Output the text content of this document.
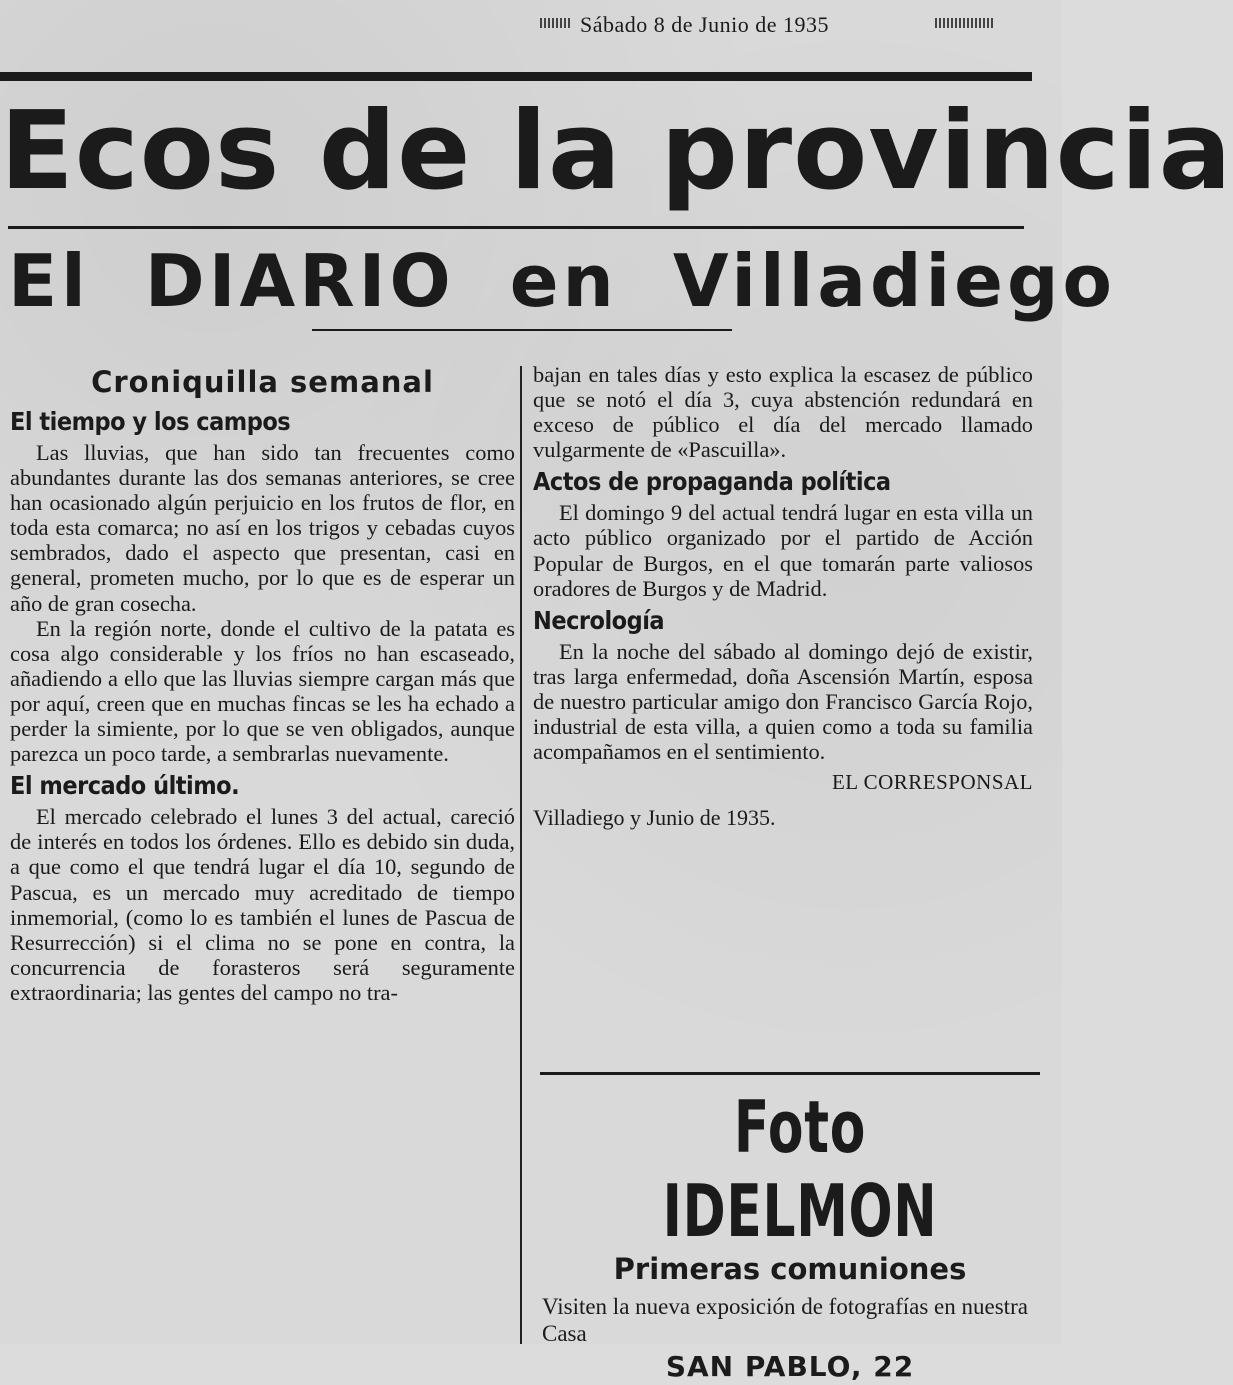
Sábado 8 de Junio de 1935
Ecos de la provincia
El DIARIO en Villadiego
Croniquilla semanal
El tiempo y los campos

Las lluvias, que han sido tan frecuentes como abundantes durante las dos semanas anteriores, se cree han ocasionado algún perjuicio en los frutos de flor, en toda esta comarca; no así en los trigos y cebadas cuyos sembrados, dado el aspecto que presentan, casi en general, prometen mucho, por lo que es de esperar un año de gran cosecha.

En la región norte, donde el cultivo de la patata es cosa algo considerable y los fríos no han escaseado, añadiendo a ello que las lluvias siempre cargan más que por aquí, creen que en muchas fincas se les ha echado a perder la simiente, por lo que se ven obligados, aunque parezca un poco tarde, a sembrarlas nuevamente.

El mercado último.

El mercado celebrado el lunes 3 del actual, careció de interés en todos los órdenes. Ello es debido sin duda, a que como el que tendrá lugar el día 10, segundo de Pascua, es un mercado muy acreditado de tiempo inmemorial, (como lo es también el lunes de Pascua de Resurrección) si el clima no se pone en contra, la concurrencia de forasteros será seguramente extraordinaria; las gentes del campo no tra-

bajan en tales días y esto explica la escasez de público que se notó el día 3, cuya abstención redundará en exceso de público el día del mercado llamado vulgarmente de «Pascuilla».

Actos de propaganda política

El domingo 9 del actual tendrá lugar en esta villa un acto público organizado por el partido de Acción Popular de Burgos, en el que tomarán parte valiosos oradores de Burgos y de Madrid.

Necrología

En la noche del sábado al domingo dejó de existir, tras larga enfermedad, doña Ascensión Martín, esposa de nuestro particular amigo don Francisco García Rojo, industrial de esta villa, a quien como a toda su familia acompañamos en el sentimiento.

EL CORRESPONSAL
Villadiego y Junio de 1935.
Foto IDELMON
Primeras comuniones
Visiten la nueva exposición de fotografías en nuestra Casa
SAN PABLO, 22
